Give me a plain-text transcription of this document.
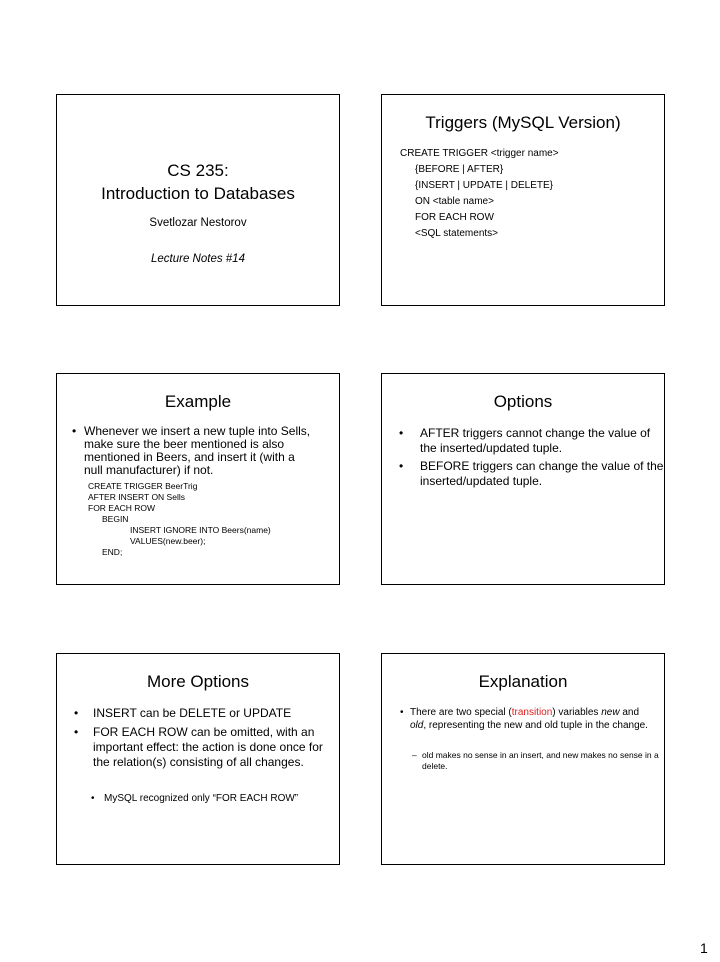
CS 235:
Introduction to Databases
Svetlozar Nestorov
Lecture Notes #14
Triggers (MySQL Version)
CREATE TRIGGER <trigger name>
{BEFORE | AFTER}
{INSERT | UPDATE | DELETE}
ON <table name>
FOR EACH ROW
<SQL statements>
Example
• Whenever we insert a new tuple into Sells,
make sure the beer mentioned is also
mentioned in Beers, and insert it (with a
null manufacturer) if not.
CREATE TRIGGER BeerTrig
AFTER INSERT ON Sells
FOR EACH ROW
BEGIN
INSERT IGNORE INTO Beers(name)
VALUES(new.beer);
END;
Options
• AFTER triggers cannot change the value of the inserted/updated tuple.
• BEFORE triggers can change the value of the inserted/updated tuple.
More Options
• INSERT can be DELETE or UPDATE
• FOR EACH ROW can be omitted, with an important effect: the action is done once for the relation(s) consisting of all changes.
• MySQL recognized only “FOR EACH ROW”
Explanation
• There are two special (transition) variables new and old, representing the new and old tuple in the change.
– old makes no sense in an insert, and new makes no sense in a delete.
1
